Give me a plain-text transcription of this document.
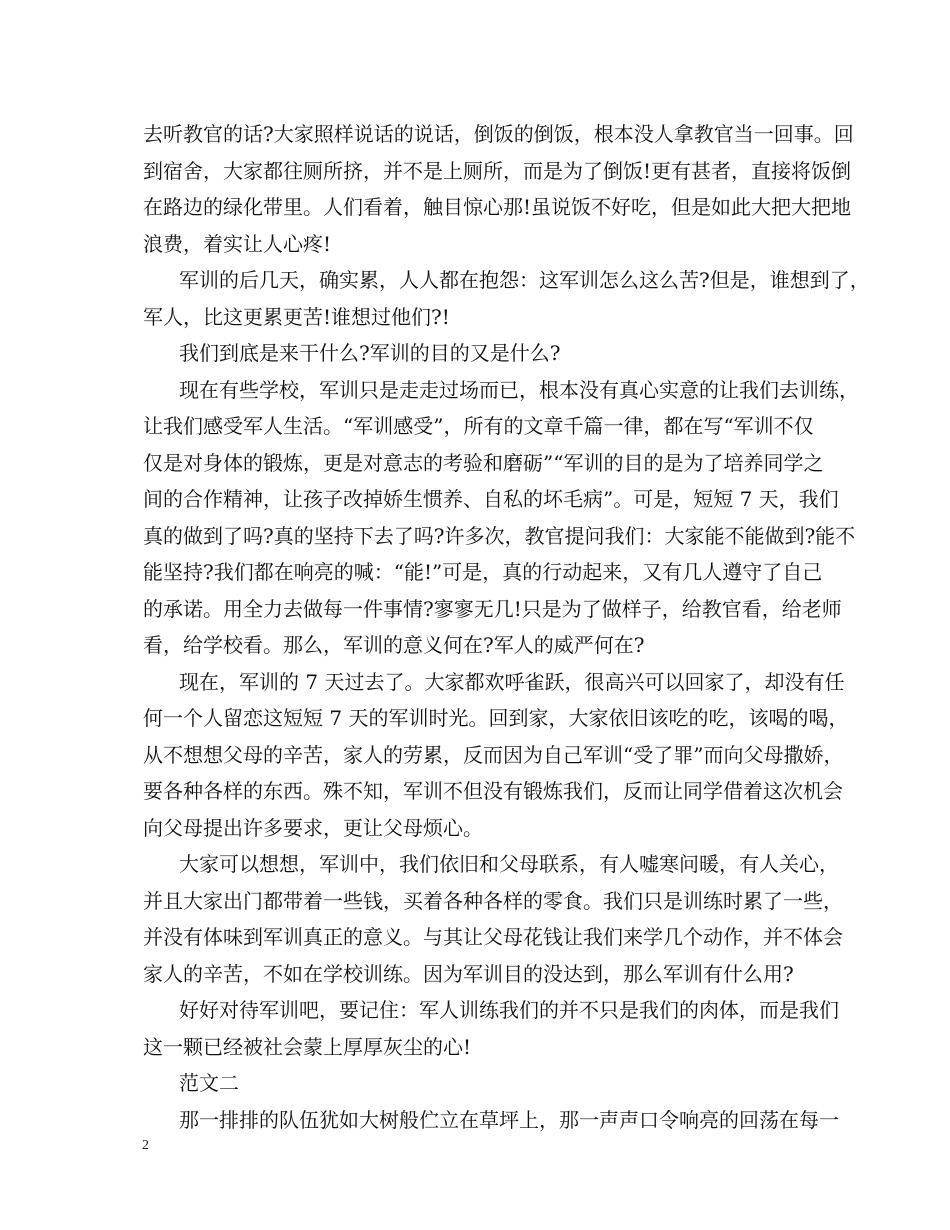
去听教官的话?大家照样说话的说话，倒饭的倒饭，根本没人拿教官当一回事。回
到宿舍，大家都往厕所挤，并不是上厕所，而是为了倒饭!更有甚者，直接将饭倒
在路边的绿化带里。人们看着，触目惊心那!虽说饭不好吃，但是如此大把大把地
浪费，着实让人心疼!
军训的后几天，确实累，人人都在抱怨：这军训怎么这么苦?但是，谁想到了，
军人，比这更累更苦!谁想过他们?!
我们到底是来干什么?军训的目的又是什么?
现在有些学校，军训只是走走过场而已，根本没有真心实意的让我们去训练，
让我们感受军人生活。“军训感受”，所有的文章千篇一律，都在写“军训不仅
仅是对身体的锻炼，更是对意志的考验和磨砺”“军训的目的是为了培养同学之
间的合作精神，让孩子改掉娇生惯养、自私的坏毛病”。可是，短短 7 天，我们
真的做到了吗?真的坚持下去了吗?许多次，教官提问我们：大家能不能做到?能不
能坚持?我们都在响亮的喊：“能!”可是，真的行动起来，又有几人遵守了自己
的承诺。用全力去做每一件事情?寥寥无几!只是为了做样子，给教官看，给老师
看，给学校看。那么，军训的意义何在?军人的威严何在?
现在，军训的 7 天过去了。大家都欢呼雀跃，很高兴可以回家了，却没有任
何一个人留恋这短短 7 天的军训时光。回到家，大家依旧该吃的吃，该喝的喝，
从不想想父母的辛苦，家人的劳累，反而因为自己军训“受了罪”而向父母撒娇，
要各种各样的东西。殊不知，军训不但没有锻炼我们，反而让同学借着这次机会
向父母提出许多要求，更让父母烦心。
大家可以想想，军训中，我们依旧和父母联系，有人嘘寒问暖，有人关心，
并且大家出门都带着一些钱，买着各种各样的零食。我们只是训练时累了一些，
并没有体味到军训真正的意义。与其让父母花钱让我们来学几个动作，并不体会
家人的辛苦，不如在学校训练。因为军训目的没达到，那么军训有什么用?
好好对待军训吧，要记住：军人训练我们的并不只是我们的肉体，而是我们
这一颗已经被社会蒙上厚厚灰尘的心!
范文二
那一排排的队伍犹如大树般伫立在草坪上，那一声声口令响亮的回荡在每一
2
